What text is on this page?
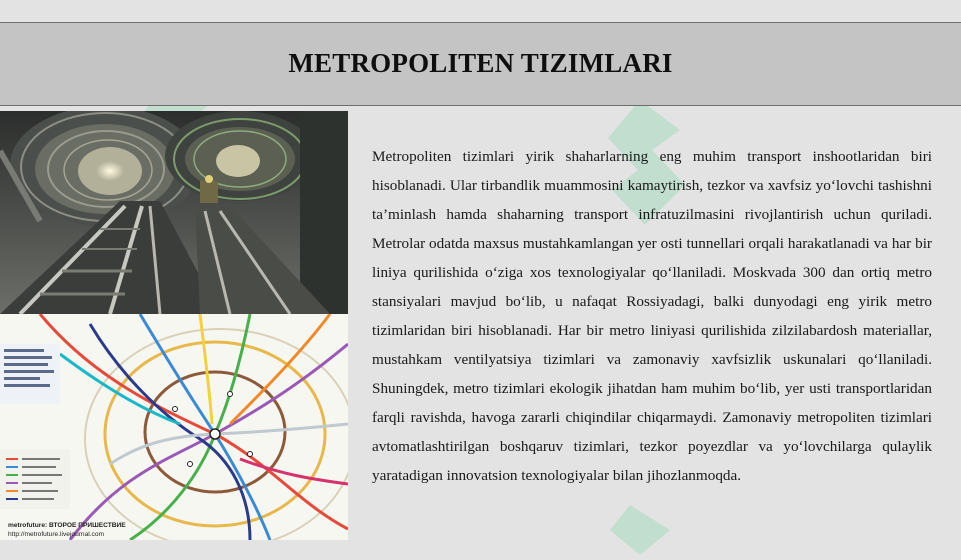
METROPOLITEN TIZIMLARI
metrofuture: ВТОРОЕ ПРИШЕСТВИЕ
http://metrofuture.livejournal.com

Metropoliten tizimlari yirik shaharlarning eng muhim transport inshootlaridan biri hisoblanadi. Ular tirbandlik muammosini kamaytirish, tezkor va xavfsiz yo‘lovchi tashishni ta’minlash hamda shaharning transport infratuzilmasini rivojlantirish uchun quriladi. Metrolar odatda maxsus mustahkamlangan yer osti tunnellari orqali harakatlanadi va har bir liniya qurilishida o‘ziga xos texnologiyalar qo‘llaniladi. Moskvada 300 dan ortiq metro stansiyalari mavjud bo‘lib, u nafaqat Rossiyadagi, balki dunyodagi eng yirik metro tizimlaridan biri hisoblanadi. Har bir metro liniyasi qurilishida zilzilabardosh materiallar, mustahkam ventilyatsiya tizimlari va zamonaviy xavfsizlik uskunalari qo‘llaniladi. Shuningdek, metro tizimlari ekologik jihatdan ham muhim bo‘lib, yer usti transportlaridan farqli ravishda, havoga zararli chiqindilar chiqarmaydi. Zamonaviy metropoliten tizimlari avtomatlashtirilgan boshqaruv tizimlari, tezkor poyezdlar va yo‘lovchilarga qulaylik yaratadigan innovatsion texnologiyalar bilan jihozlanmoqda.
